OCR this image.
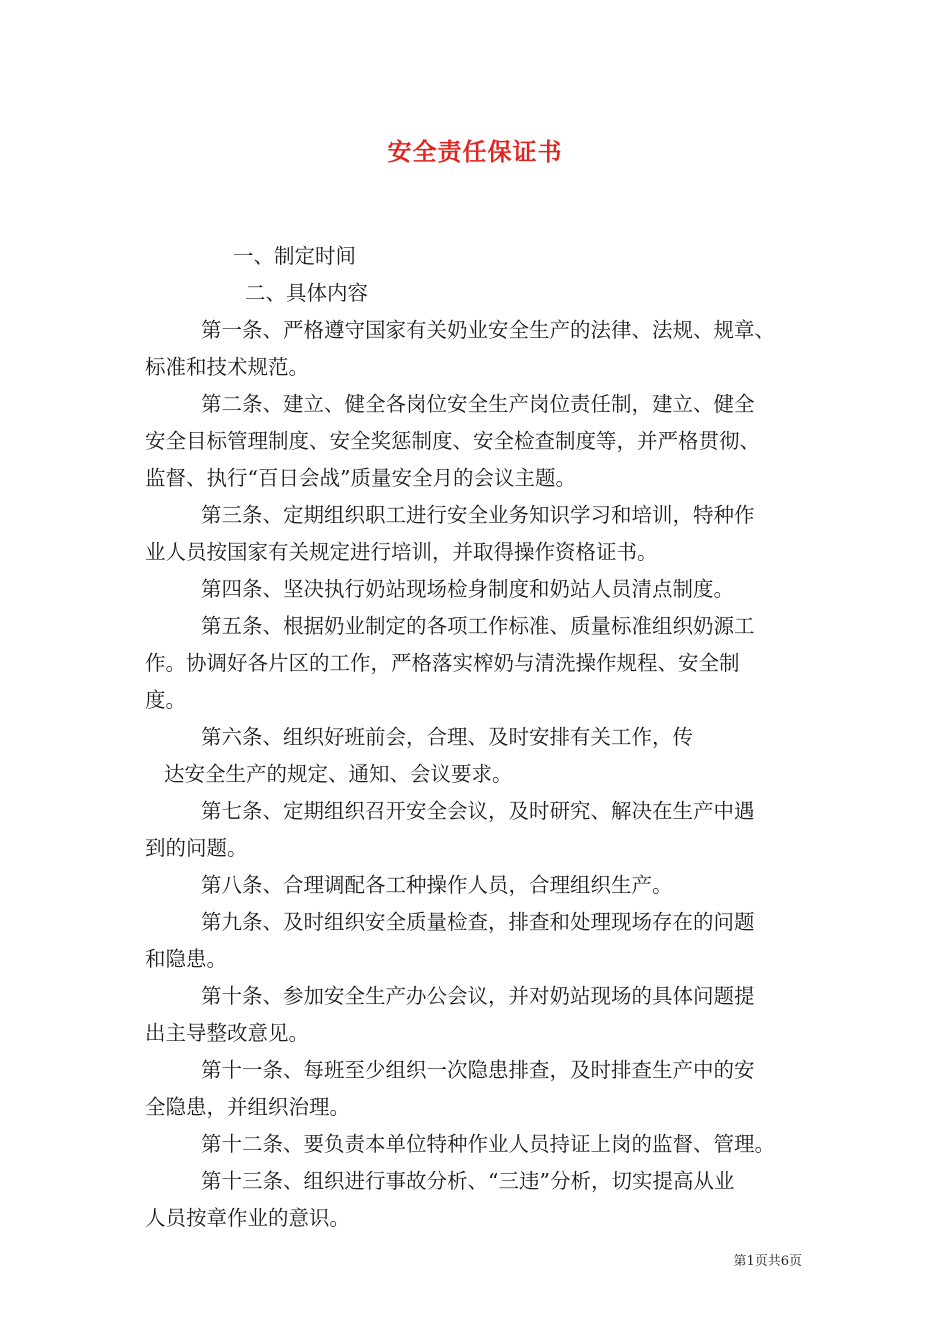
安全责任保证书
一、制定时间
二、具体内容
第一条、严格遵守国家有关奶业安全生产的法律、法规、规章、
标准和技术规范。
第二条、建立、健全各岗位安全生产岗位责任制，建立、健全
安全目标管理制度、安全奖惩制度、安全检查制度等，并严格贯彻、
监督、执行“百日会战”质量安全月的会议主题。
第三条、定期组织职工进行安全业务知识学习和培训，特种作
业人员按国家有关规定进行培训，并取得操作资格证书。
第四条、坚决执行奶站现场检身制度和奶站人员清点制度。
第五条、根据奶业制定的各项工作标准、质量标准组织奶源工
作。协调好各片区的工作，严格落实榨奶与清洗操作规程、安全制
度。
第六条、组织好班前会，合理、及时安排有关工作，传
达安全生产的规定、通知、会议要求。
第七条、定期组织召开安全会议，及时研究、解决在生产中遇
到的问题。
第八条、合理调配各工种操作人员，合理组织生产。
第九条、及时组织安全质量检查，排查和处理现场存在的问题
和隐患。
第十条、参加安全生产办公会议，并对奶站现场的具体问题提
出主导整改意见。
第十一条、每班至少组织一次隐患排查，及时排查生产中的安
全隐患，并组织治理。
第十二条、要负责本单位特种作业人员持证上岗的监督、管理。
第十三条、组织进行事故分析、“三违”分析，切实提高从业
人员按章作业的意识。
第1页共6页
